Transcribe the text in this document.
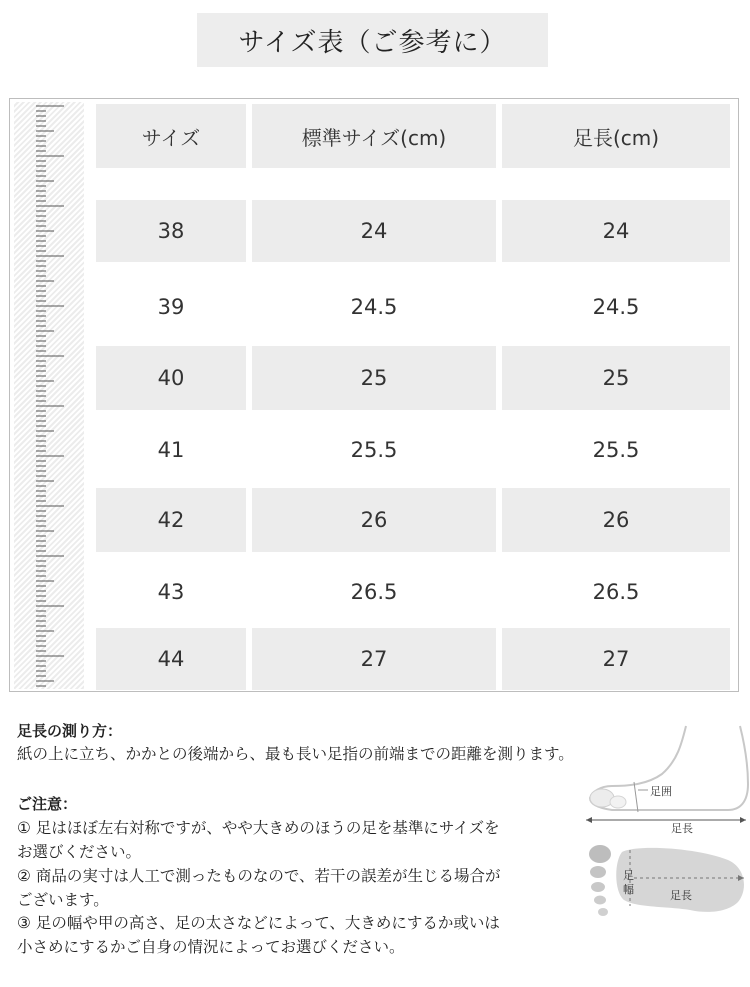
サイズ表（ご参考に）
サイズ	標準サイズ(cm)	足長(cm)
38	24	24
39	24.5	24.5
40	25	25
41	25.5	25.5
42	26	26
43	26.5	26.5
44	27	27
足長の測り方：
紙の上に立ち、かかとの後端から、最も長い足指の前端までの距離を測ります。
ご注意：
① 足はほぼ左右対称ですが、やや大きめのほうの足を基準にサイズを
お選びください。
② 商品の実寸は人工で測ったものなので、若干の誤差が生じる場合が
ございます。
③ 足の幅や甲の高さ、足の太さなどによって、大きめにするか或いは
小さめにするかご自身の情況によってお選びください。
足囲
足長
足
幅	足長
